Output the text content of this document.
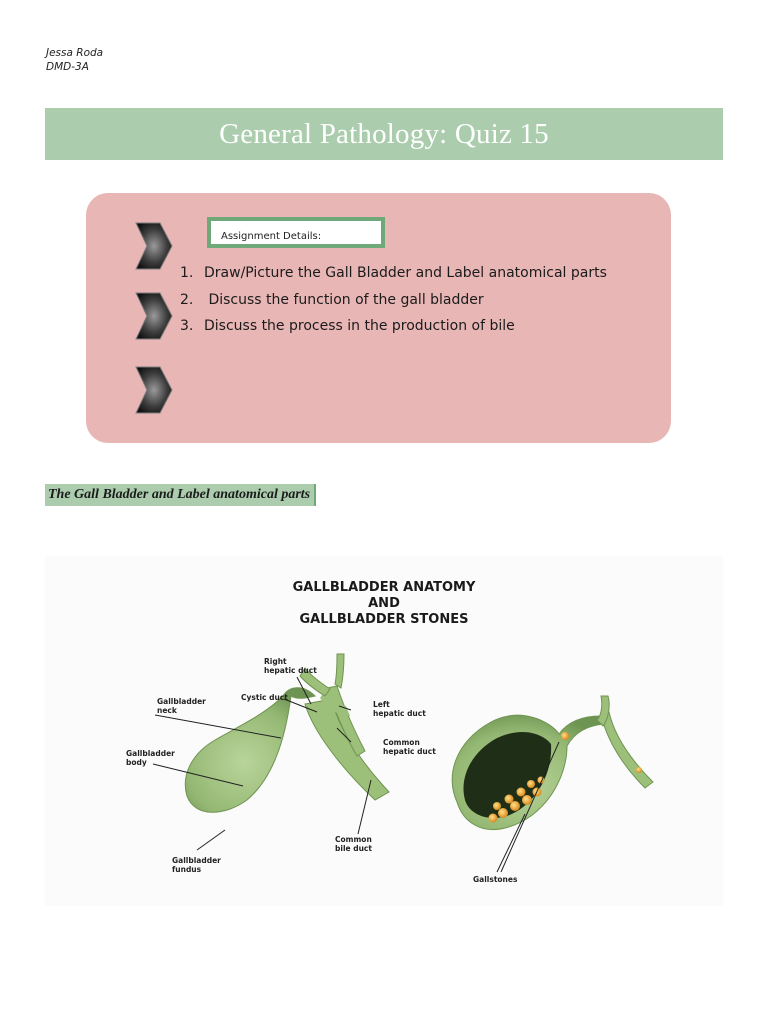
Jessa Roda
DMD-3A
General Pathology: Quiz 15
Assignment Details:
1. Draw/Picture the Gall Bladder and Label anatomical parts
2. Discuss the function of the gall bladder
3. Discuss the process in the production of bile
The Gall Bladder and Label anatomical parts
GALLBLADDER ANATOMY
AND
GALLBLADDER STONES
Right
hepatic duct
Cystic duct
Left
hepatic duct
Gallbladder
neck
Common
hepatic duct
Gallbladder
body
Common
bile duct
Gallbladder
fundus
Gallstones
